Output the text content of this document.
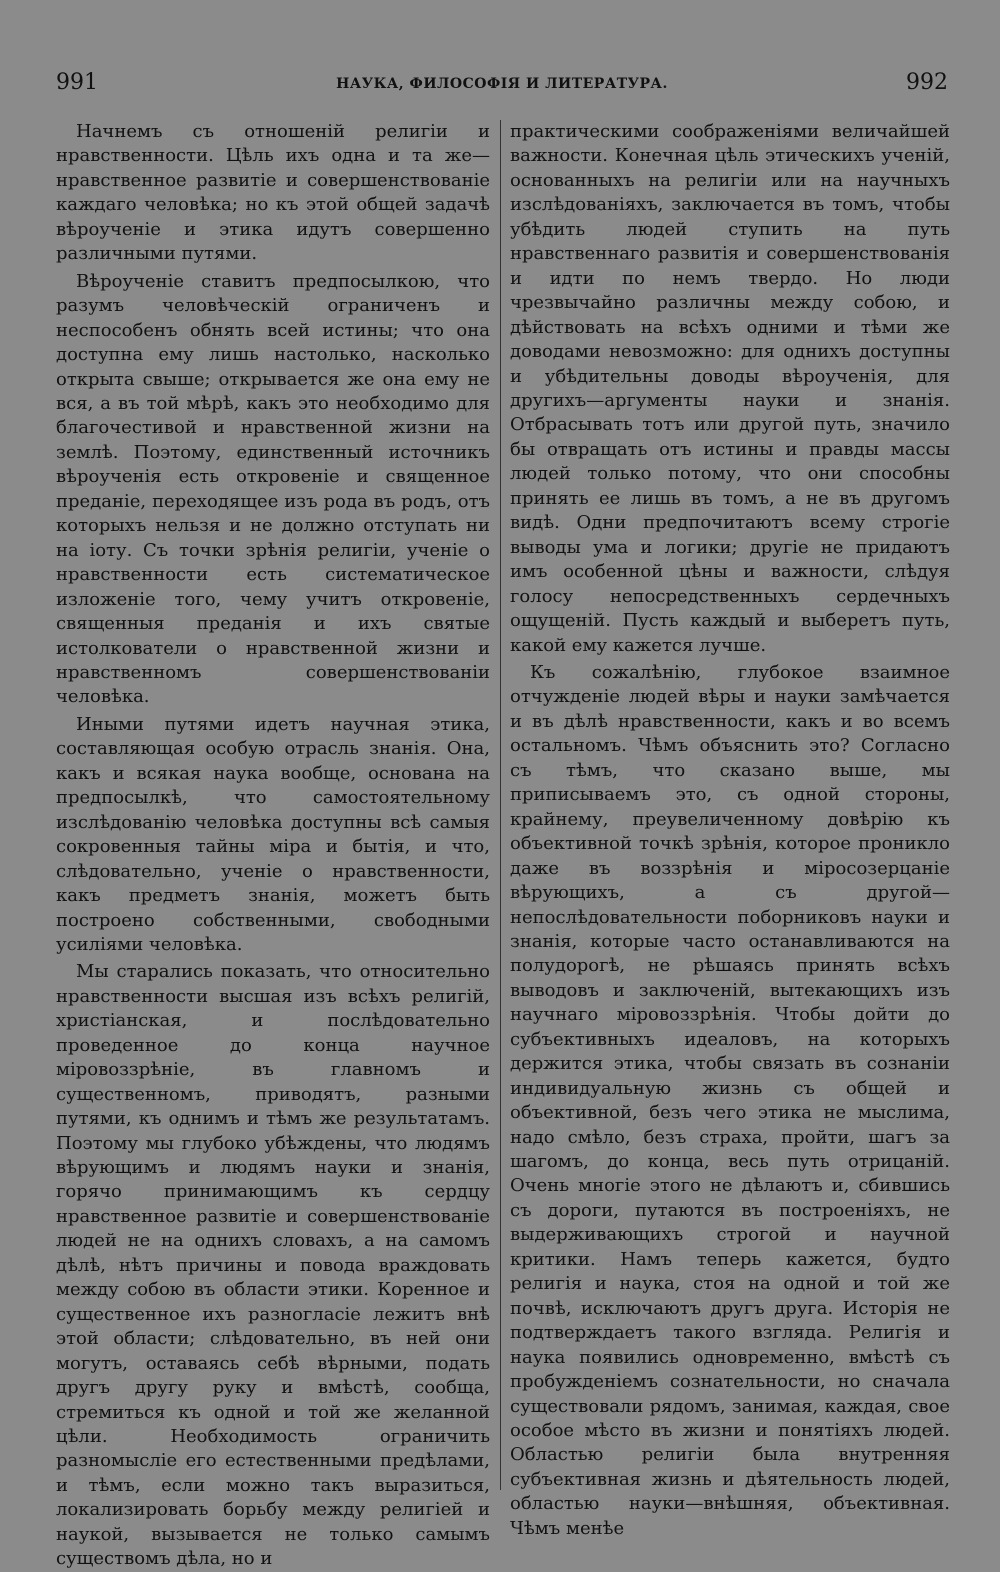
991	НАУКА, ФИЛОСОФІЯ И ЛИТЕРАТУРА.	992

Начнемъ съ отношеній религіи и нравственности. Цѣль ихъ одна и та же—нравственное развитіе и совершенствованіе каждаго человѣка; но къ этой общей задачѣ вѣроученіе и этика идутъ совершенно различными путями.

Вѣроученіе ставитъ предпосылкою, что разумъ человѣческій ограниченъ и неспособенъ обнять всей истины; что она доступна ему лишь настолько, насколько открыта свыше; открывается же она ему не вся, а въ той мѣрѣ, какъ это необходимо для благочестивой и нравственной жизни на землѣ. Поэтому, единственный источникъ вѣроученія есть откровеніе и священное преданіе, переходящее изъ рода въ родъ, отъ которыхъ нельзя и не должно отступать ни на іоту. Съ точки зрѣнія религіи, ученіе о нравственности есть систематическое изложеніе того, чему учитъ откровеніе, священныя преданія и ихъ святые истолкователи о нравственной жизни и нравственномъ совершенствованіи человѣка.

Иными путями идетъ научная этика, составляющая особую отрасль знанія. Она, какъ и всякая наука вообще, основана на предпосылкѣ, что самостоятельному изслѣдованію человѣка доступны всѣ самыя сокровенныя тайны міра и бытія, и что, слѣдовательно, ученіе о нравственности, какъ предметъ знанія, можетъ быть построено собственными, свободными усиліями человѣка.

Мы старались показать, что относительно нравственности высшая изъ всѣхъ религій, христіанская, и послѣдовательно проведенное до конца научное міровоззрѣніе, въ главномъ и существенномъ, приводятъ, разными путями, къ однимъ и тѣмъ же результатамъ. Поэтому мы глубоко убѣждены, что людямъ вѣрующимъ и людямъ науки и знанія, горячо принимающимъ къ сердцу нравственное развитіе и совершенствованіе людей не на однихъ словахъ, а на самомъ дѣлѣ, нѣтъ причины и повода враждовать между собою въ области этики. Коренное и существенное ихъ разногласіе лежитъ внѣ этой области; слѣдовательно, въ ней они могутъ, оставаясь себѣ вѣрными, подать другъ другу руку и вмѣстѣ, сообща, стремиться къ одной и той же желанной цѣли. Необходимость ограничить разномысліе его естественными предѣлами, и тѣмъ, если можно такъ выразиться, локализировать борьбу между религіей и наукой, вызывается не только самымъ существомъ дѣла, но и

практическими соображеніями величайшей важности. Конечная цѣль этическихъ ученій, основанныхъ на религіи или на научныхъ изслѣдованіяхъ, заключается въ томъ, чтобы убѣдить людей ступить на путь нравственнаго развитія и совершенствованія и идти по немъ твердо. Но люди чрезвычайно различны между собою, и дѣйствовать на всѣхъ одними и тѣми же доводами невозможно: для однихъ доступны и убѣдительны доводы вѣроученія, для другихъ—аргументы науки и знанія. Отбрасывать тотъ или другой путь, значило бы отвращать отъ истины и правды массы людей только потому, что они способны принять ее лишь въ томъ, а не въ другомъ видѣ. Одни предпочитаютъ всему строгіе выводы ума и логики; другіе не придаютъ имъ особенной цѣны и важности, слѣдуя голосу непосредственныхъ сердечныхъ ощущеній. Пусть каждый и выберетъ путь, какой ему кажется лучше.

Къ сожалѣнію, глубокое взаимное отчужденіе людей вѣры и науки замѣчается и въ дѣлѣ нравственности, какъ и во всемъ остальномъ. Чѣмъ объяснить это? Согласно съ тѣмъ, что сказано выше, мы приписываемъ это, съ одной стороны, крайнему, преувеличенному довѣрію къ объективной точкѣ зрѣнія, которое проникло даже въ воззрѣнія и міросозерцаніе вѣрующихъ, а съ другой—непослѣдовательности поборниковъ науки и знанія, которые часто останавливаются на полудорогѣ, не рѣшаясь принять всѣхъ выводовъ и заключеній, вытекающихъ изъ научнаго міровоззрѣнія. Чтобы дойти до субъективныхъ идеаловъ, на которыхъ держится этика, чтобы связать въ сознаніи индивидуальную жизнь съ общей и объективной, безъ чего этика не мыслима, надо смѣло, безъ страха, пройти, шагъ за шагомъ, до конца, весь путь отрицаній. Очень многіе этого не дѣлаютъ и, сбившись съ дороги, путаются въ построеніяхъ, не выдерживающихъ строгой и научной критики. Намъ теперь кажется, будто религія и наука, стоя на одной и той же почвѣ, исключаютъ другъ друга. Исторія не подтверждаетъ такого взгляда. Религія и наука появились одновременно, вмѣстѣ съ пробужденіемъ сознательности, но сначала существовали рядомъ, занимая, каждая, свое особое мѣсто въ жизни и понятіяхъ людей. Областью религіи была внутренняя субъективная жизнь и дѣятельность людей, областью науки—внѣшняя, объективная. Чѣмъ менѣе
